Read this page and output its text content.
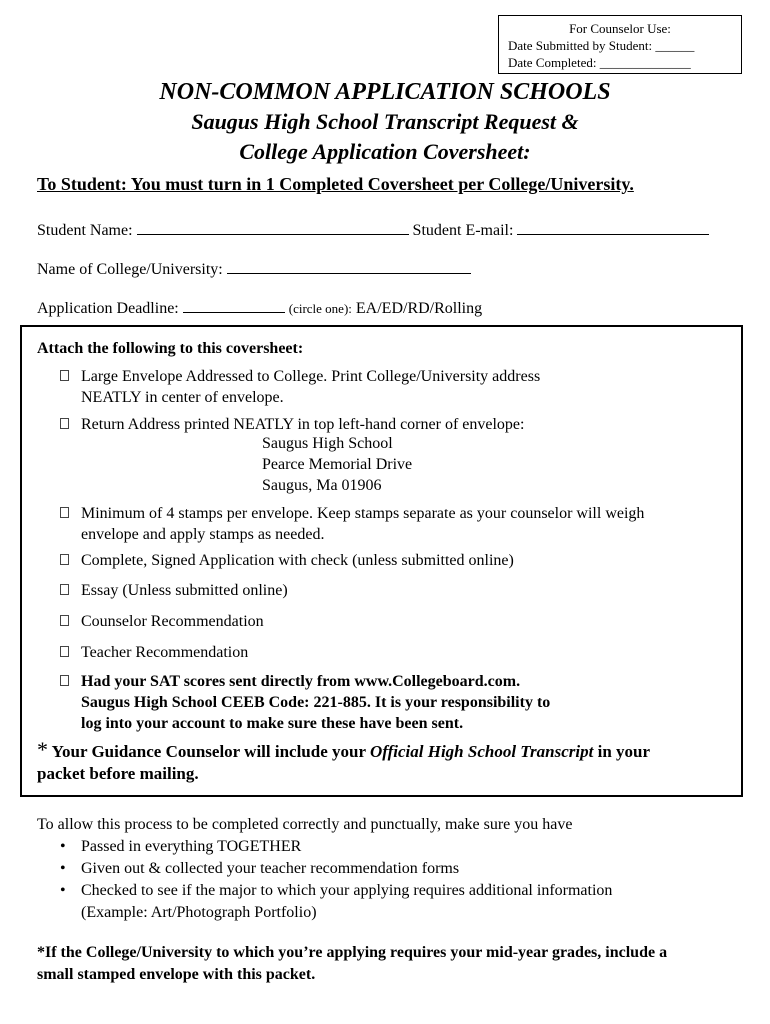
For Counselor Use:
Date Submitted by Student: ______
Date Completed: ______________
NON-COMMON APPLICATION SCHOOLS
Saugus High School Transcript Request &
College Application Coversheet:
To Student: You must turn in 1 Completed Coversheet per College/University.
Student Name:	Student E-mail:
Name of College/University:
Application Deadline:	(circle one): EA/ED/RD/Rolling
Attach the following to this coversheet:
Large Envelope Addressed to College. Print College/University address
NEATLY in center of envelope.
Return Address printed NEATLY in top left-hand corner of envelope:
Saugus High School
Pearce Memorial Drive
Saugus, Ma 01906
Minimum of 4 stamps per envelope. Keep stamps separate as your counselor will weigh
envelope and apply stamps as needed.
Complete, Signed Application with check (unless submitted online)
Essay (Unless submitted online)
Counselor Recommendation
Teacher Recommendation
Had your SAT scores sent directly from www.Collegeboard.com.
Saugus High School CEEB Code: 221-885. It is your responsibility to
log into your account to make sure these have been sent.
* Your Guidance Counselor will include your Official High School Transcript in your
packet before mailing.
To allow this process to be completed correctly and punctually, make sure you have
• Passed in everything TOGETHER
• Given out & collected your teacher recommendation forms
• Checked to see if the major to which your applying requires additional information
(Example: Art/Photograph Portfolio)
*If the College/University to which you’re applying requires your mid-year grades, include a
small stamped envelope with this packet.
